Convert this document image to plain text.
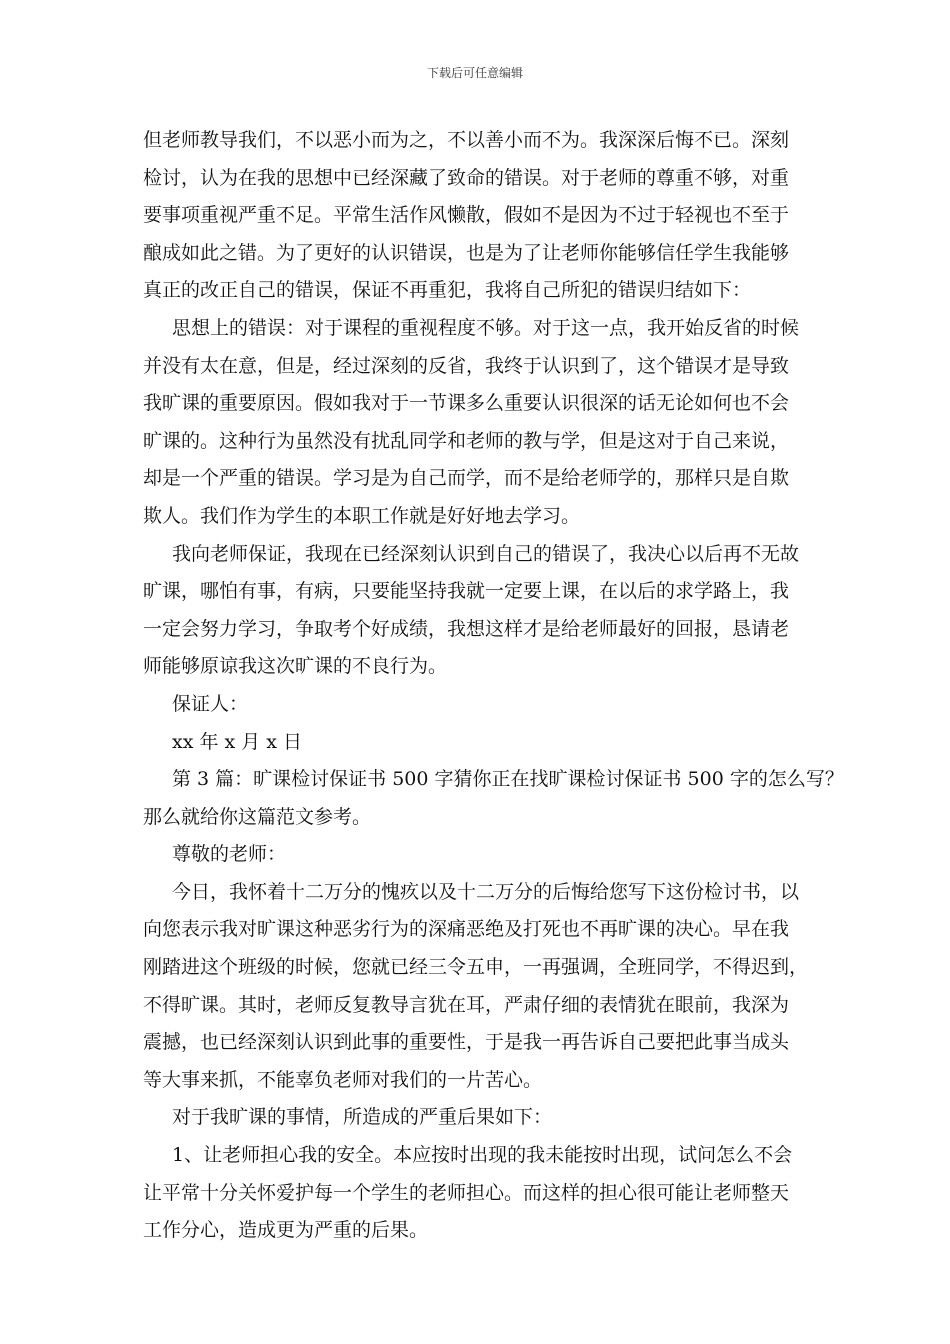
下载后可任意编辑
但老师教导我们，不以恶小而为之，不以善小而不为。我深深后悔不已。深刻
检讨，认为在我的思想中已经深藏了致命的错误。对于老师的尊重不够，对重
要事项重视严重不足。平常生活作风懒散，假如不是因为不过于轻视也不至于
酿成如此之错。为了更好的认识错误，也是为了让老师你能够信任学生我能够
真正的改正自己的错误，保证不再重犯，我将自己所犯的错误归结如下：
思想上的错误：对于课程的重视程度不够。对于这一点，我开始反省的时候
并没有太在意，但是，经过深刻的反省，我终于认识到了，这个错误才是导致
我旷课的重要原因。假如我对于一节课多么重要认识很深的话无论如何也不会
旷课的。这种行为虽然没有扰乱同学和老师的教与学，但是这对于自己来说，
却是一个严重的错误。学习是为自己而学，而不是给老师学的，那样只是自欺
欺人。我们作为学生的本职工作就是好好地去学习。
我向老师保证，我现在已经深刻认识到自己的错误了，我决心以后再不无故
旷课，哪怕有事，有病，只要能坚持我就一定要上课，在以后的求学路上，我
一定会努力学习，争取考个好成绩，我想这样才是给老师最好的回报，恳请老
师能够原谅我这次旷课的不良行为。
保证人：
xx 年 x 月 x 日
第 3 篇：旷课检讨保证书 500 字猜你正在找旷课检讨保证书 500 字的怎么写？
那么就给你这篇范文参考。
尊敬的老师：
今日，我怀着十二万分的愧疚以及十二万分的后悔给您写下这份检讨书，以
向您表示我对旷课这种恶劣行为的深痛恶绝及打死也不再旷课的决心。早在我
刚踏进这个班级的时候，您就已经三令五申，一再强调，全班同学，不得迟到，
不得旷课。其时，老师反复教导言犹在耳，严肃仔细的表情犹在眼前，我深为
震撼，也已经深刻认识到此事的重要性，于是我一再告诉自己要把此事当成头
等大事来抓，不能辜负老师对我们的一片苦心。
对于我旷课的事情，所造成的严重后果如下：
1、让老师担心我的安全。本应按时出现的我未能按时出现，试问怎么不会
让平常十分关怀爱护每一个学生的老师担心。而这样的担心很可能让老师整天
工作分心，造成更为严重的后果。
